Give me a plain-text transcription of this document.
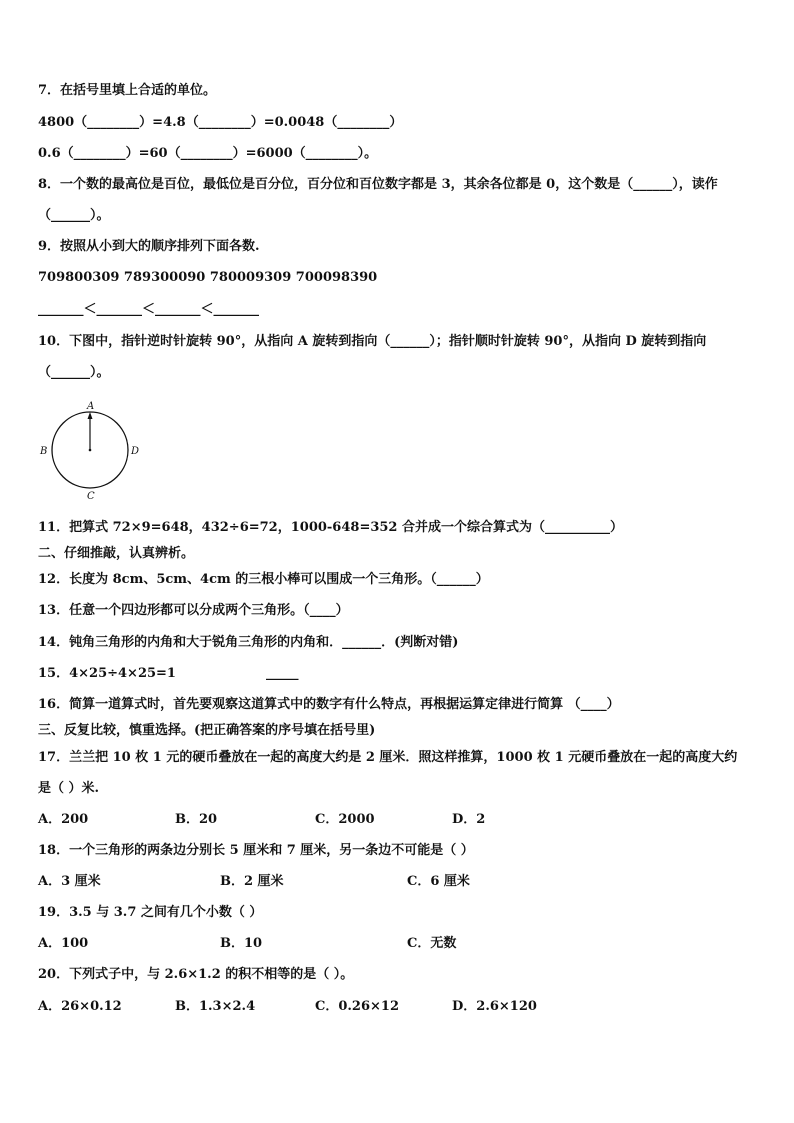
7．在括号里填上合适的单位。
4800（________）=4.8（________）=0.0048（________）
0.6（________）=60（________）=6000（________）。
8．一个数的最高位是百位，最低位是百分位，百分位和百位数字都是 3，其余各位都是 0，这个数是（______），读作
（______）。
9．按照从小到大的顺序排列下面各数.
709800309 789300090 780009309 700098390
_______＜_______＜_______＜_______
10．下图中，指针逆时针旋转 90°，从指向 A 旋转到指向（______）；指针顺时针旋转 90°，从指向 D 旋转到指向
（______）。
A
B
C
D
11．把算式 72×9=648，432÷6=72，1000-648=352 合并成一个综合算式为（__________）
二、仔细推敲，认真辨析。
12．长度为 8cm、5cm、4cm 的三根小棒可以围成一个三角形。（______）
13．任意一个四边形都可以分成两个三角形。（____）
14．钝角三角形的内角和大于锐角三角形的内角和．______．(判断对错)
15．4×25÷4×25=1	_____
16．简算一道算式时，首先要观察这道算式中的数字有什么特点，再根据运算定律进行简算 （____）
三、反复比较，慎重选择。(把正确答案的序号填在括号里)
17．兰兰把 10 枚 1 元的硬币叠放在一起的高度大约是 2 厘米．照这样推算，1000 枚 1 元硬币叠放在一起的高度大约
是（ ）米.
A．200	B．20	C．2000	D．2
18．一个三角形的两条边分别长 5 厘米和 7 厘米，另一条边不可能是（ ）
A．3 厘米	B．2 厘米	C．6 厘米
19．3.5 与 3.7 之间有几个小数（ ）
A．100	B．10	C．无数
20．下列式子中，与 2.6×1.2 的积不相等的是（ ）。
A．26×0.12	B．1.3×2.4	C．0.26×12	D．2.6×120
